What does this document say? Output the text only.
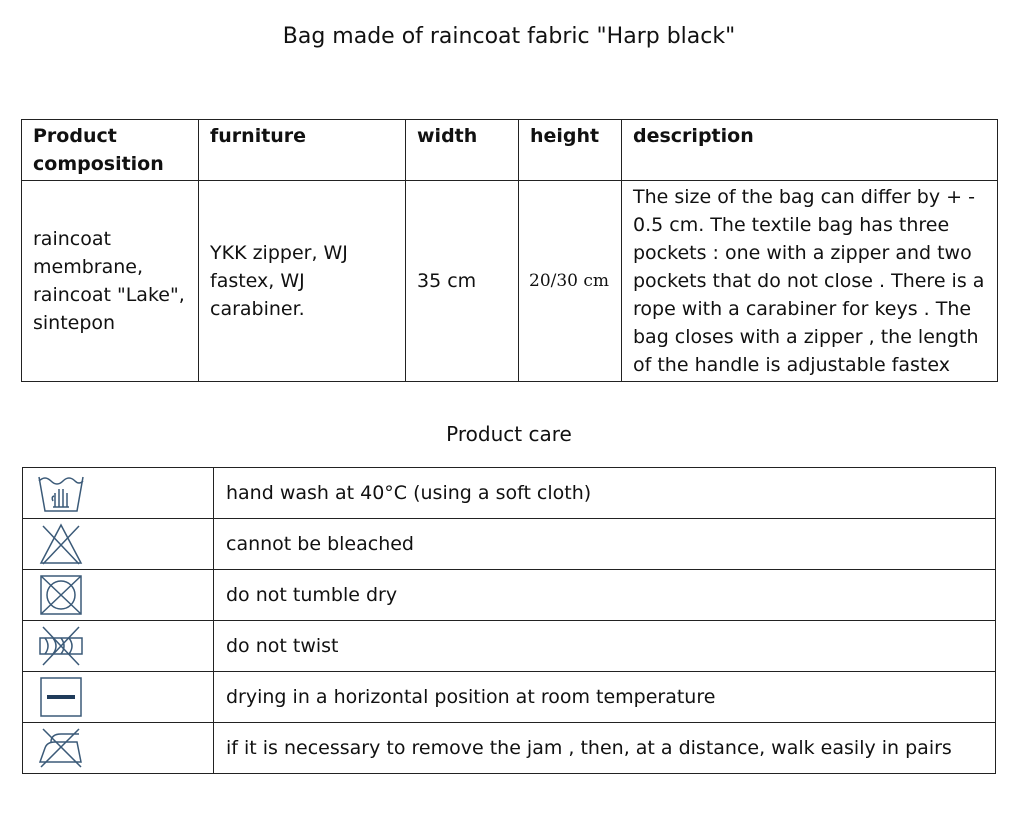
Bag made of raincoat fabric "Harp black"
Product composition	furniture	width	height	description
raincoat membrane, raincoat "Lake", sintepon	YKK zipper, WJ fastex, WJ carabiner.	35 cm	20/30 cm	The size of the bag can differ by + - 0.5 cm. The textile bag has three pockets : one with a zipper and two pockets that do not close . There is a rope with a carabiner for keys . The bag closes with a zipper , the length of the handle is adjustable fastex
Product care
	hand wash at 40°C (using a soft cloth)

	cannot be bleached

	do not tumble dry

	do not twist

	drying in a horizontal position at room temperature

	if it is necessary to remove the jam , then, at a distance, walk easily in pairs
